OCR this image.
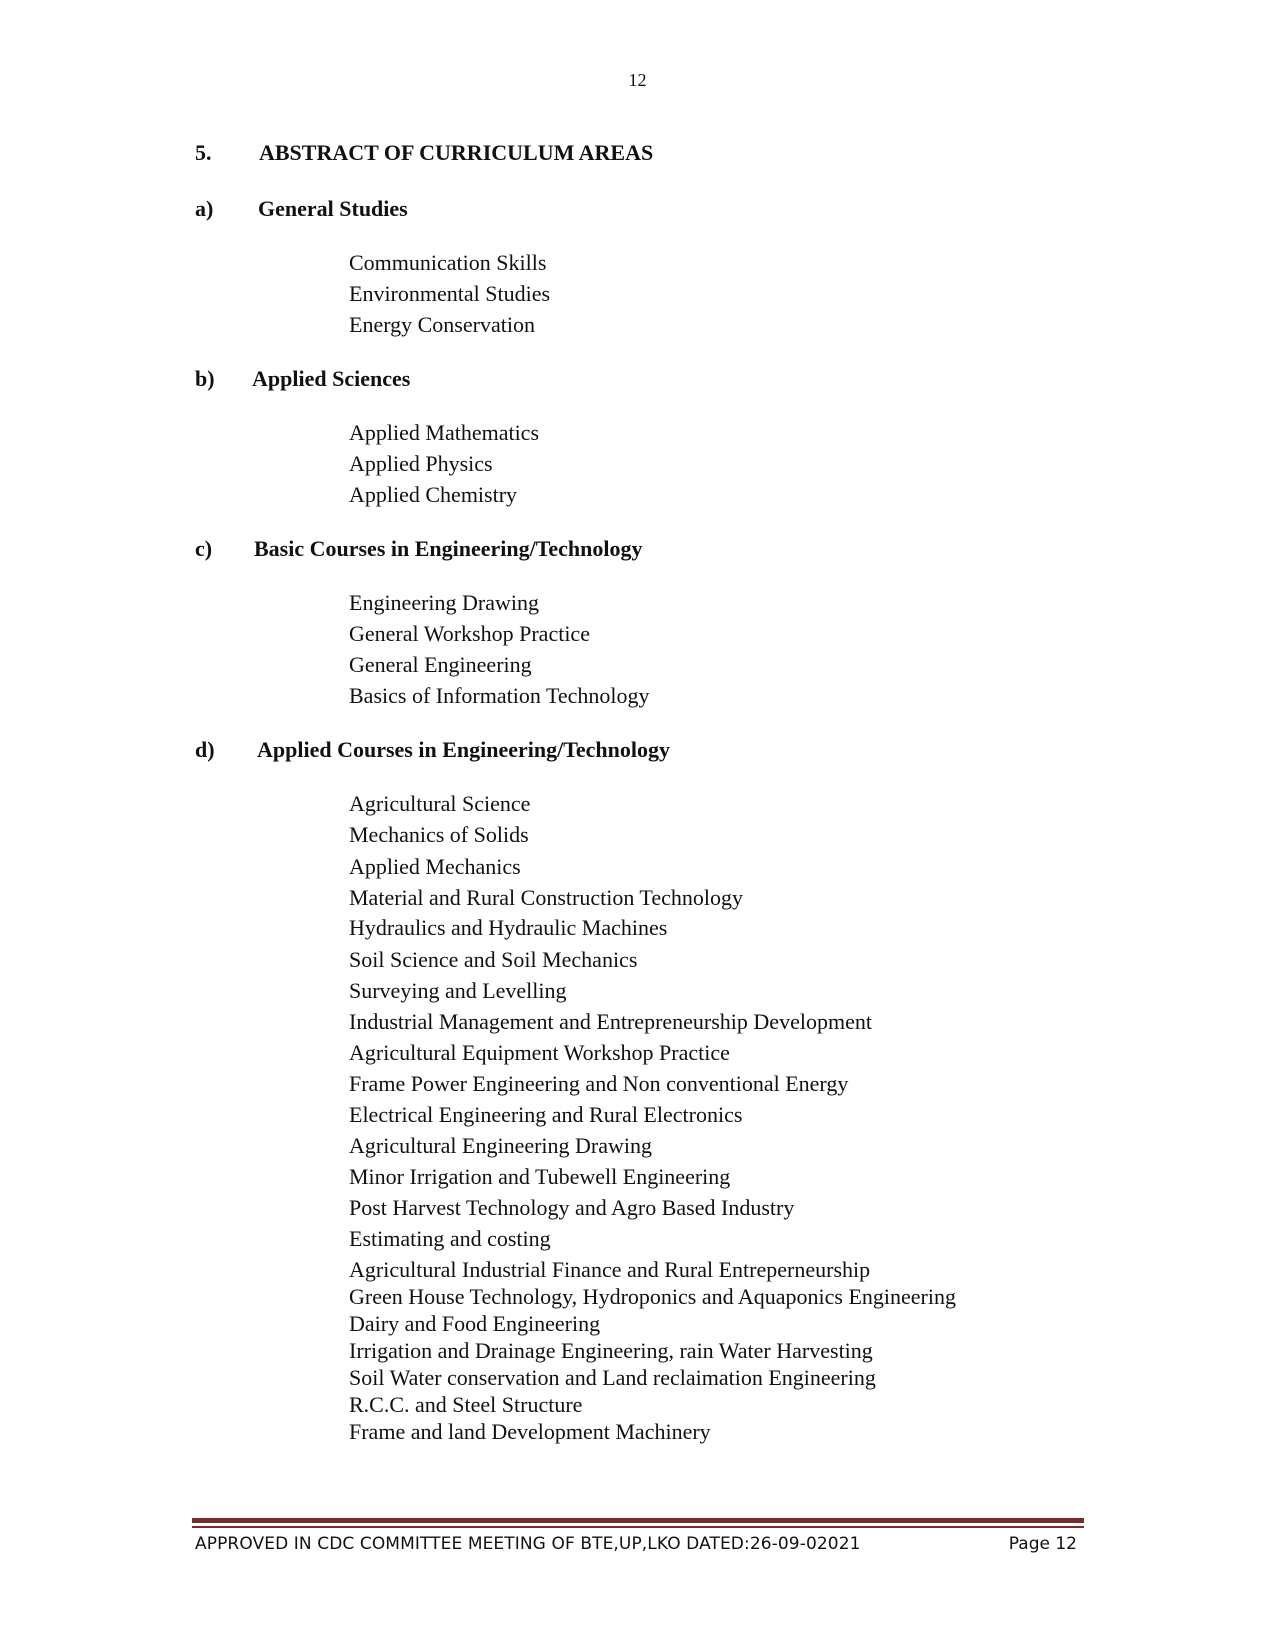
12
5. ABSTRACT OF CURRICULUM AREAS
a) General Studies
Communication Skills
Environmental Studies
Energy Conservation
b) Applied Sciences
Applied Mathematics
Applied Physics
Applied Chemistry
c) Basic Courses in Engineering/Technology
Engineering Drawing
General Workshop Practice
General Engineering
Basics of Information Technology
d) Applied Courses in Engineering/Technology
Agricultural Science
Mechanics of Solids
Applied Mechanics
Material and Rural Construction Technology
Hydraulics and Hydraulic Machines
Soil Science and Soil Mechanics
Surveying and Levelling
Industrial Management and Entrepreneurship Development
Agricultural Equipment Workshop Practice
Frame Power Engineering and Non conventional Energy
Electrical Engineering and Rural Electronics
Agricultural Engineering Drawing
Minor Irrigation and Tubewell Engineering
Post Harvest Technology and Agro Based Industry
Estimating and costing
Agricultural Industrial Finance and Rural Entreperneurship
Green House Technology, Hydroponics and Aquaponics Engineering
Dairy and Food Engineering
Irrigation and Drainage Engineering, rain Water Harvesting
Soil Water conservation and Land reclaimation Engineering
R.C.C. and Steel Structure
Frame and land Development Machinery
APPROVED IN CDC COMMITTEE MEETING OF BTE,UP,LKO DATED:26-09-02021	Page 12
